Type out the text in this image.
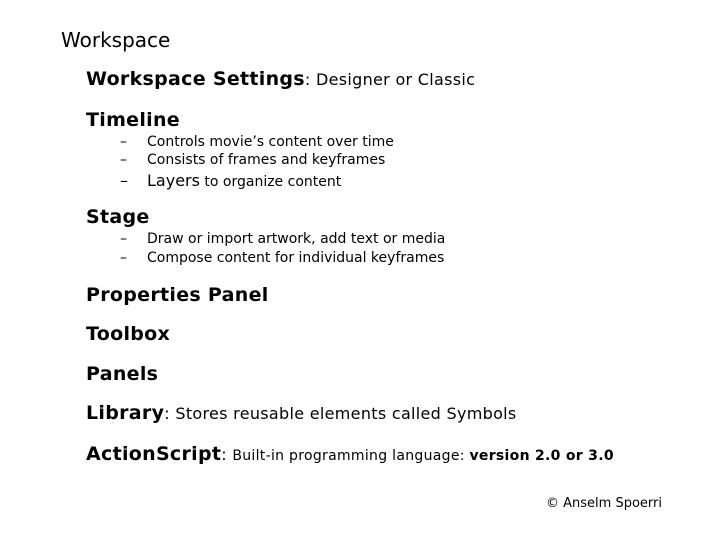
Workspace
Workspace Settings: Designer or Classic
Timeline
– Controls movie’s content over time
– Consists of frames and keyframes
– Layers to organize content
Stage
– Draw or import artwork, add text or media
– Compose content for individual keyframes
Properties Panel
Toolbox
Panels
Library: Stores reusable elements called Symbols
ActionScript: Built-in programming language: version 2.0 or 3.0
© Anselm Spoerri
